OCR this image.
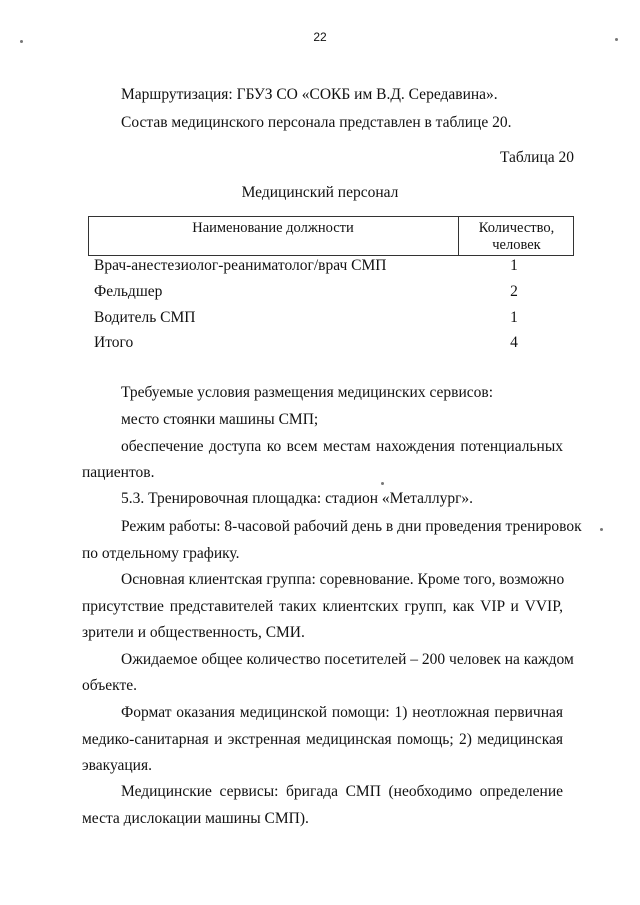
22
Маршрутизация: ГБУЗ СО «СОКБ им В.Д. Середавина».
Состав медицинского персонала представлен в таблице 20.
Таблица 20
Медицинский персонал
Наименование должности	Количество,
человек
Врач-анестезиолог-реаниматолог/врач СМП	1
Фельдшер	2
Водитель СМП	1
Итого	4
Требуемые условия размещения медицинских сервисов:
место стоянки машины СМП;
обеспечение доступа ко всем местам нахождения потенциальных
пациентов.
5.3. Тренировочная площадка: стадион «Металлург».
Режим работы: 8-часовой рабочий день в дни проведения тренировок
по отдельному графику.
Основная клиентская группа: соревнование. Кроме того, возможно
присутствие представителей таких клиентских групп, как VIP и VVIP,
зрители и общественность, СМИ.
Ожидаемое общее количество посетителей – 200 человек на каждом
объекте.
Формат оказания медицинской помощи: 1) неотложная первичная
медико-санитарная и экстренная медицинская помощь; 2) медицинская
эвакуация.
Медицинские сервисы: бригада СМП (необходимо определение
места дислокации машины СМП).
